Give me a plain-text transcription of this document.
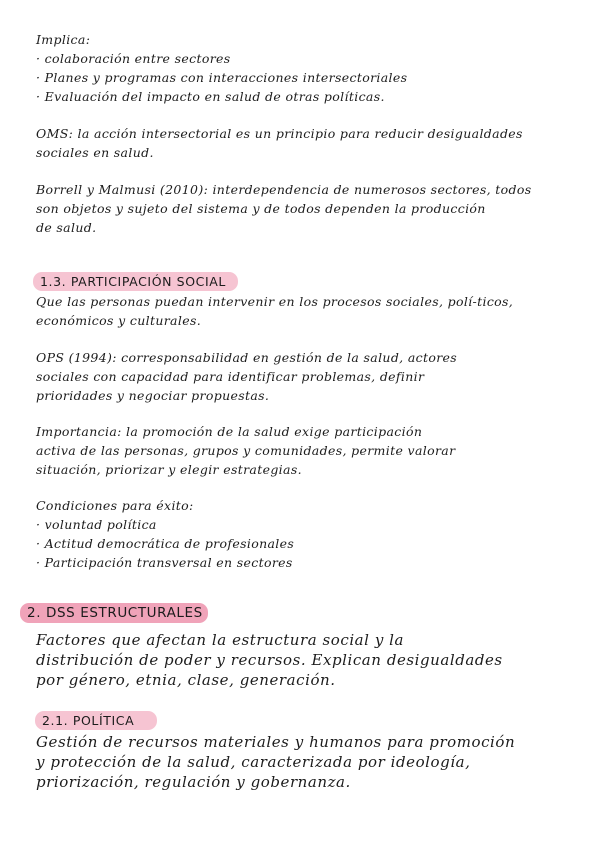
Implica:
· colaboración entre sectores
· Planes y programas con interacciones intersectoriales
· Evaluación del impacto en salud de otras políticas.
OMS: la acción intersectorial es un principio para reducir desigualdades
sociales en salud.
Borrell y Malmusi (2010): interdependencia de numerosos sectores, todos
son objetos y sujeto del sistema y de todos dependen la producción
de salud.
1.3. PARTICIPACIÓN SOCIAL
Que las personas puedan intervenir en los procesos sociales, polí-ticos,
económicos y culturales.
OPS (1994): corresponsabilidad en gestión de la salud, actores
sociales con capacidad para identificar problemas, definir
prioridades y negociar propuestas.
Importancia: la promoción de la salud exige participación
activa de las personas, grupos y comunidades, permite valorar
situación, priorizar y elegir estrategias.
Condiciones para éxito:
· voluntad política
· Actitud democrática de profesionales
· Participación transversal en sectores
2. DSS ESTRUCTURALES
Factores que afectan la estructura social y la
distribución de poder y recursos. Explican desigualdades
por género, etnia, clase, generación.
2.1. POLÍTICA
Gestión de recursos materiales y humanos para promoción
y protección de la salud, caracterizada por ideología,
priorización, regulación y gobernanza.
